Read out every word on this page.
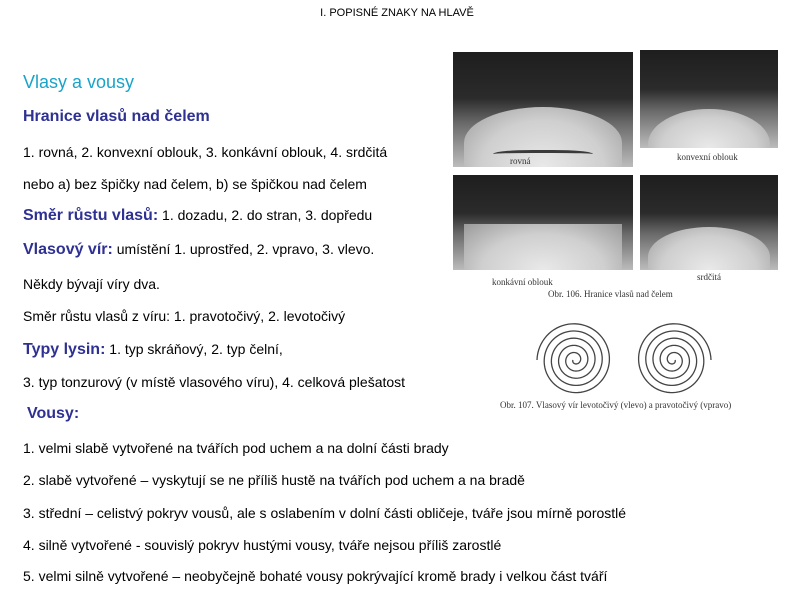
I. POPISNÉ ZNAKY NA HLAVĚ
Vlasy a vousy
Hranice vlasů nad čelem
1. rovná, 2. konvexní oblouk, 3. konkávní oblouk, 4. srdčitá
nebo a) bez špičky nad čelem, b) se špičkou nad čelem
Směr růstu vlasů: 1. dozadu, 2. do stran, 3. dopředu
Vlasový vír: umístění 1. uprostřed, 2. vpravo, 3. vlevo.
Někdy bývají víry dva.
Směr růstu vlasů z víru: 1. pravotočivý, 2. levotočivý
Typy lysin: 1. typ skráňový, 2. typ čelní,
3. typ tonzurový (v místě vlasového víru), 4. celková plešatost
Vousy:
1. velmi slabě vytvořené na tvářích pod uchem a na dolní části brady
2. slabě vytvořené – vyskytují se ne příliš hustě na tvářích pod uchem a na bradě
3. střední – celistvý pokryv vousů, ale s oslabením v dolní části obličeje, tváře jsou mírně porostlé
4. silně vytvořené - souvislý pokryv hustými vousy, tváře nejsou příliš zarostlé
5. velmi silně vytvořené – neobyčejně bohaté vousy pokrývající kromě brady i velkou část tváří
rovná	konvexní oblouk
konkávní oblouk	srdčitá
Obr. 106. Hranice vlasů nad čelem
Obr. 107. Vlasový vír levotočivý (vlevo) a pravotočivý (vpravo)
